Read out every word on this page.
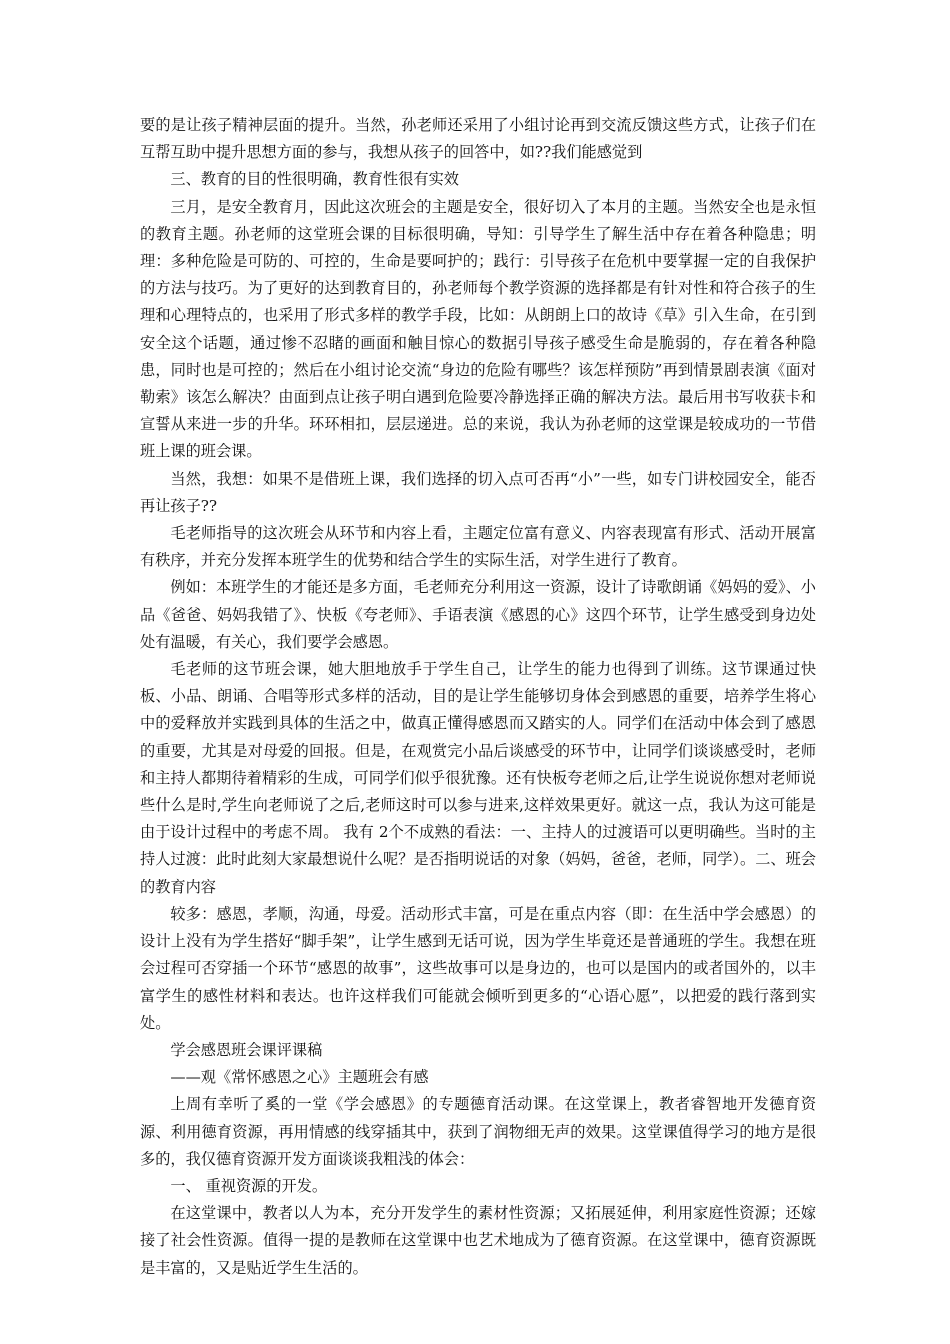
要的是让孩子精神层面的提升。当然，孙老师还采用了小组讨论再到交流反馈这些方式，让孩子们在互帮互助中提升思想方面的参与，我想从孩子的回答中，如??我们能感觉到

三、教育的目的性很明确，教育性很有实效

三月，是安全教育月，因此这次班会的主题是安全，很好切入了本月的主题。当然安全也是永恒的教育主题。孙老师的这堂班会课的目标很明确，导知：引导学生了解生活中存在着各种隐患；明理：多种危险是可防的、可控的，生命是要呵护的；践行：引导孩子在危机中要掌握一定的自我保护的方法与技巧。为了更好的达到教育目的，孙老师每个教学资源的选择都是有针对性和符合孩子的生理和心理特点的，也采用了形式多样的教学手段，比如：从朗朗上口的故诗《草》引入生命，在引到安全这个话题，通过惨不忍睹的画面和触目惊心的数据引导孩子感受生命是脆弱的，存在着各种隐患，同时也是可控的；然后在小组讨论交流“身边的危险有哪些？该怎样预防”再到情景剧表演《面对勒索》该怎么解决？由面到点让孩子明白遇到危险要冷静选择正确的解决方法。最后用书写收获卡和宣誓从来进一步的升华。环环相扣，层层递进。总的来说，我认为孙老师的这堂课是较成功的一节借班上课的班会课。

当然，我想：如果不是借班上课，我们选择的切入点可否再“小”一些，如专门讲校园安全，能否再让孩子??

毛老师指导的这次班会从环节和内容上看，主题定位富有意义、内容表现富有形式、活动开展富有秩序，并充分发挥本班学生的优势和结合学生的实际生活，对学生进行了教育。

例如：本班学生的才能还是多方面，毛老师充分利用这一资源，设计了诗歌朗诵《妈妈的爱》、小品《爸爸、妈妈我错了》、快板《夸老师》、手语表演《感恩的心》这四个环节，让学生感受到身边处处有温暖，有关心，我们要学会感恩。

毛老师的这节班会课，她大胆地放手于学生自己，让学生的能力也得到了训练。这节课通过快板、小品、朗诵、合唱等形式多样的活动，目的是让学生能够切身体会到感恩的重要，培养学生将心中的爱释放并实践到具体的生活之中，做真正懂得感恩而又踏实的人。同学们在活动中体会到了感恩的重要，尤其是对母爱的回报。但是，在观赏完小品后谈感受的环节中，让同学们谈谈感受时，老师和主持人都期待着精彩的生成，可同学们似乎很犹豫。还有快板夸老师之后,让学生说说你想对老师说些什么是时,学生向老师说了之后,老师这时可以参与进来,这样效果更好。就这一点，我认为这可能是由于设计过程中的考虑不周。 我有 2个不成熟的看法：一、主持人的过渡语可以更明确些。当时的主持人过渡：此时此刻大家最想说什么呢？是否指明说话的对象（妈妈，爸爸，老师，同学）。二、班会的教育内容

较多：感恩，孝顺，沟通，母爱。活动形式丰富，可是在重点内容（即：在生活中学会感恩）的设计上没有为学生搭好“脚手架”，让学生感到无话可说，因为学生毕竟还是普通班的学生。我想在班会过程可否穿插一个环节“感恩的故事”，这些故事可以是身边的，也可以是国内的或者国外的，以丰富学生的感性材料和表达。也许这样我们可能就会倾听到更多的“心语心愿”，以把爱的践行落到实处。

学会感恩班会课评课稿

——观《常怀感恩之心》主题班会有感

上周有幸听了奚的一堂《学会感恩》的专题德育活动课。在这堂课上，教者睿智地开发德育资源、利用德育资源，再用情感的线穿插其中，获到了润物细无声的效果。这堂课值得学习的地方是很多的，我仅德育资源开发方面谈谈我粗浅的体会：

一、 重视资源的开发。

在这堂课中，教者以人为本，充分开发学生的素材性资源；又拓展延伸，利用家庭性资源；还嫁接了社会性资源。值得一提的是教师在这堂课中也艺术地成为了德育资源。在这堂课中，德育资源既是丰富的，又是贴近学生生活的。
